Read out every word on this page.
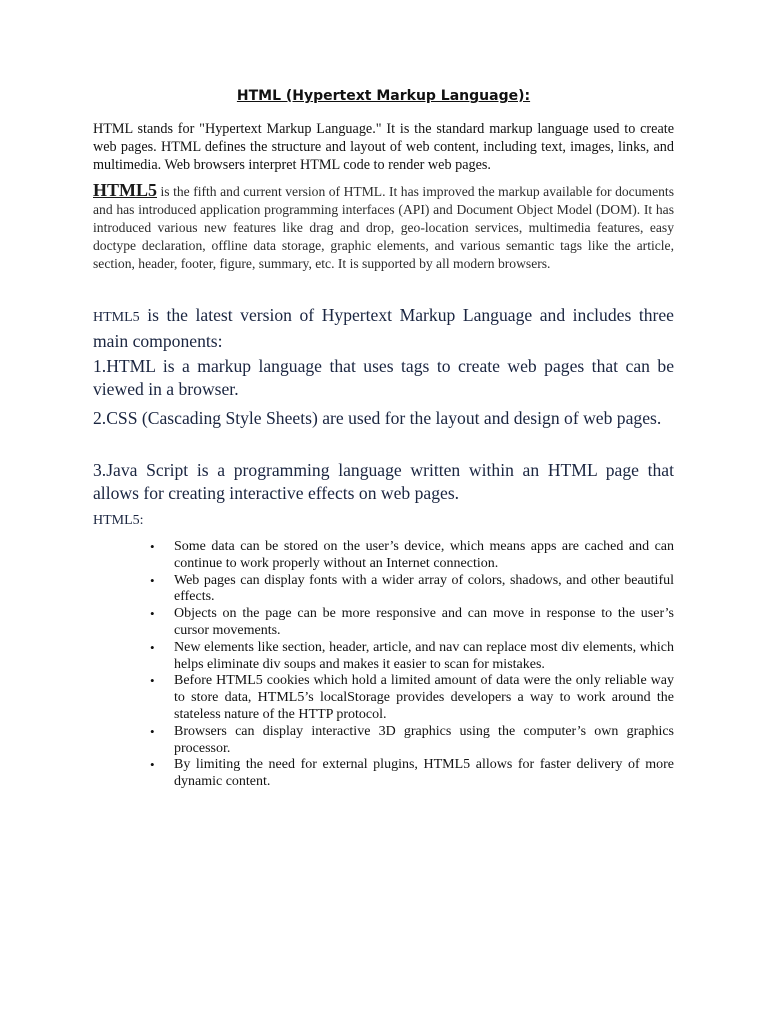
HTML (Hypertext Markup Language):

HTML stands for "Hypertext Markup Language." It is the standard markup language used to create web pages. HTML defines the structure and layout of web content, including text, images, links, and multimedia. Web browsers interpret HTML code to render web pages.

HTML5 is the fifth and current version of HTML. It has improved the markup available for documents and has introduced application programming interfaces (API) and Document Object Model (DOM). It has introduced various new features like drag and drop, geo-location services, multimedia features, easy doctype declaration, offline data storage, graphic elements, and various semantic tags like the article, section, header, footer, figure, summary, etc. It is supported by all modern browsers.

HTML5 is the latest version of Hypertext Markup Language and includes three main components:

1.HTML is a markup language that uses tags to create web pages that can be viewed in a browser.

2.CSS (Cascading Style Sheets) are used for the layout and design of web pages.

3.Java Script is a programming language written within an HTML page that allows for creating interactive effects on web pages.

HTML5:

• Some data can be stored on the user’s device, which means apps are cached and can continue to work properly without an Internet connection.
• Web pages can display fonts with a wider array of colors, shadows, and other beautiful effects.
• Objects on the page can be more responsive and can move in response to the user’s cursor movements.
• New elements like section, header, article, and nav can replace most div elements, which helps eliminate div soups and makes it easier to scan for mistakes.
• Before HTML5 cookies which hold a limited amount of data were the only reliable way to store data, HTML5’s localStorage provides developers a way to work around the stateless nature of the HTTP protocol.
• Browsers can display interactive 3D graphics using the computer’s own graphics processor.
• By limiting the need for external plugins, HTML5 allows for faster delivery of more dynamic content.
